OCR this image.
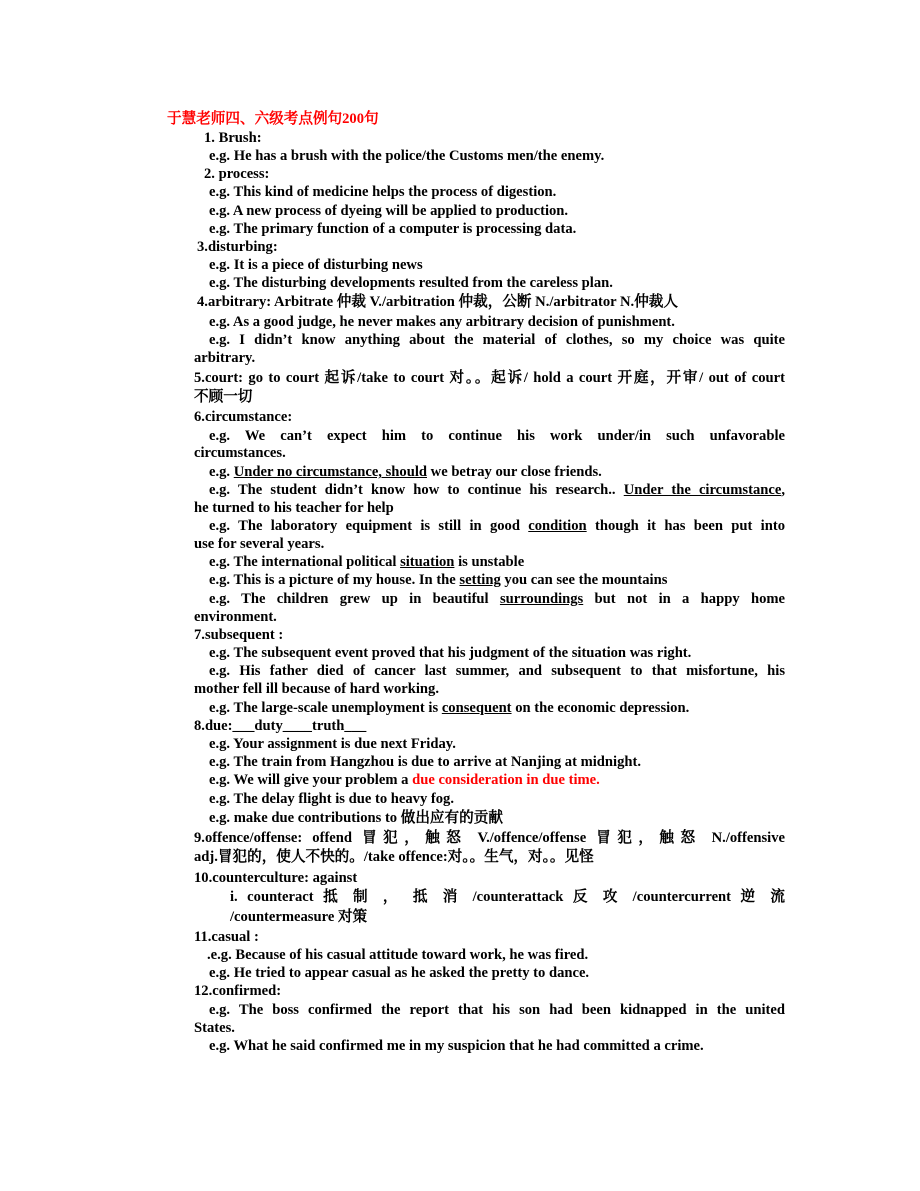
于慧老师四、六级考点例句200句
1. Brush:
e.g. He has a brush with the police/the Customs men/the enemy.
2. process:
e.g. This kind of medicine helps the process of digestion.
e.g. A new process of dyeing will be applied to production.
e.g. The primary function of a computer is processing data.
3.disturbing:
e.g. It is a piece of disturbing news
e.g. The disturbing developments resulted from the careless plan.
4.arbitrary: Arbitrate 仲裁 V./arbitration 仲裁，公断 N./arbitrator N.仲裁人
e.g. As a good judge, he never makes any arbitrary decision of punishment.
e.g. I didn’t know anything about the material of clothes, so my choice was quite
arbitrary.
5.court: go to court 起诉/take to court 对。。起诉/ hold a court 开庭，开审/ out of court
不顾一切
6.circumstance:
e.g. We can’t expect him to continue his work under/in such unfavorable
circumstances.
e.g. Under no circumstance, should we betray our close friends.
e.g. The student didn’t know how to continue his research.. Under the circumstance,
he turned to his teacher for help
e.g. The laboratory equipment is still in good condition though it has been put into
use for several years.
e.g. The international political situation is unstable
e.g. This is a picture of my house. In the setting you can see the mountains
e.g. The children grew up in beautiful surroundings but not in a happy home
environment.
7.subsequent :
e.g. The subsequent event proved that his judgment of the situation was right.
e.g. His father died of cancer last summer, and subsequent to that misfortune, his
mother fell ill because of hard working.
e.g. The large-scale unemployment is consequent on the economic depression.
8.due:___duty____truth___
e.g. Your assignment is due next Friday.
e.g. The train from Hangzhou is due to arrive at Nanjing at midnight.
e.g. We will give your problem a due consideration in due time.
e.g. The delay flight is due to heavy fog.
e.g. make due contributions to 做出应有的贡献
9.offence/offense: offend 冒犯，触怒 V./offence/offense 冒犯，触怒 N./offensive
adj.冒犯的，使人不快的。/take offence:对。。生气，对。。见怪
10.counterculture: against
i. counteract 抵 制 ， 抵 消 /counterattack 反 攻 /countercurrent 逆 流
/countermeasure 对策
11.casual :
.e.g. Because of his casual attitude toward work, he was fired.
e.g. He tried to appear casual as he asked the pretty to dance.
12.confirmed:
e.g. The boss confirmed the report that his son had been kidnapped in the united
States.
e.g. What he said confirmed me in my suspicion that he had committed a crime.
